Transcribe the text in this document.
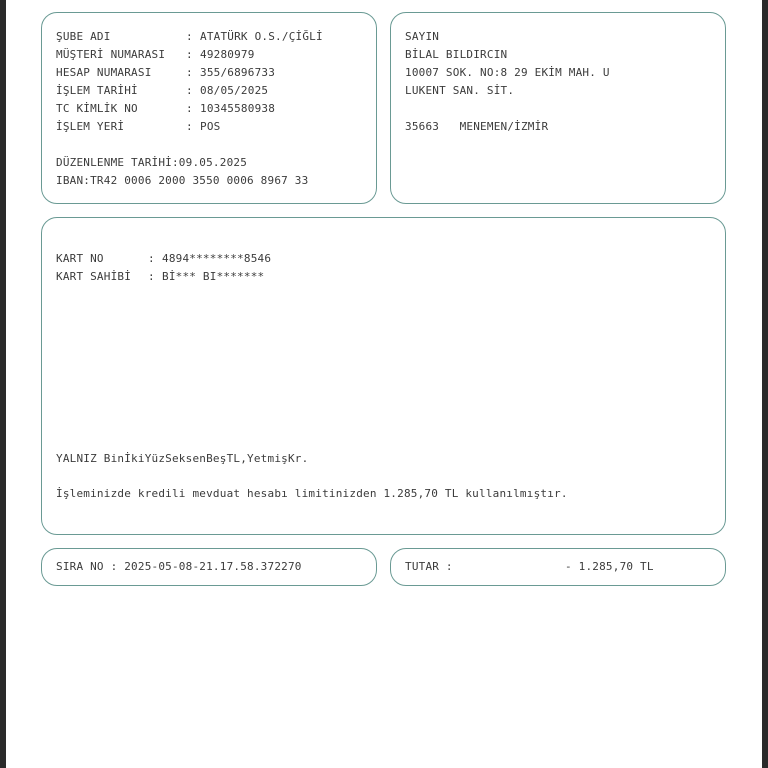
ŞUBE ADI	: ATATÜRK O.S./ÇİĞLİ
MÜŞTERİ NUMARASI	: 49280979
HESAP NUMARASI	: 355/6896733
İŞLEM TARİHİ	: 08/05/2025
TC KİMLİK NO	: 10345580938
İŞLEM YERİ	: POS
DÜZENLENME TARİHİ:09.05.2025
IBAN:TR42 0006 2000 3550 0006 8967 33
SAYIN
BİLAL BILDIRCIN
10007 SOK. NO:8 29 EKİM MAH. U
LUKENT SAN. SİT.
35663   MENEMEN/İZMİR
KART NO	: 4894********8546
KART SAHİBİ	: Bİ*** BI*******
YALNIZ BinİkiYüzSeksenBeşTL,YetmişKr.
İşleminizde kredili mevduat hesabı limitinizden 1.285,70 TL kullanılmıştır.
SIRA NO : 2025-05-08-21.17.58.372270	TUTAR :	- 1.285,70 TL
